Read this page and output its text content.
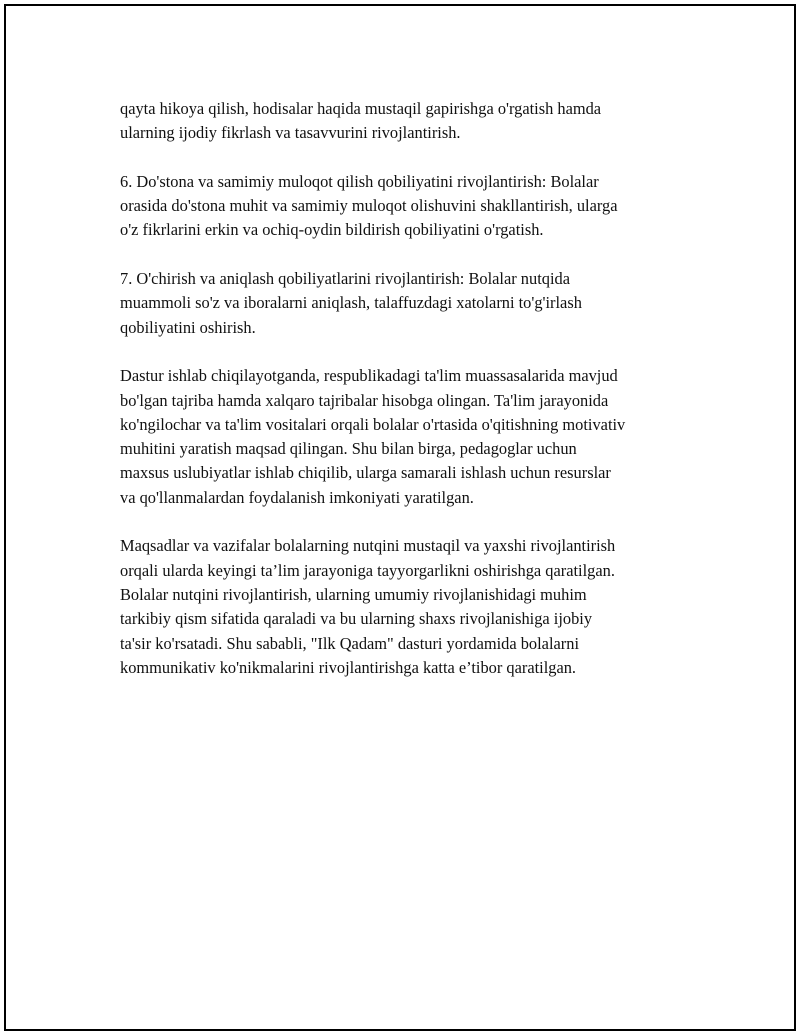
qayta hikoya qilish, hodisalar haqida mustaqil gapirishga o'rgatish hamda
ularning ijodiy fikrlash va tasavvurini rivojlantirish.

6. Do'stona va samimiy muloqot qilish qobiliyatini rivojlantirish: Bolalar
orasida do'stona muhit va samimiy muloqot olishuvini shakllantirish, ularga
o'z fikrlarini erkin va ochiq-oydin bildirish qobiliyatini o'rgatish.

7. O'chirish va aniqlash qobiliyatlarini rivojlantirish: Bolalar nutqida
muammoli so'z va iboralarni aniqlash, talaffuzdagi xatolarni to'g'irlash
qobiliyatini oshirish.

Dastur ishlab chiqilayotganda, respublikadagi ta'lim muassasalarida mavjud
bo'lgan tajriba hamda xalqaro tajribalar hisobga olingan. Ta'lim jarayonida
ko'ngilochar va ta'lim vositalari orqali bolalar o'rtasida o'qitishning motivativ
muhitini yaratish maqsad qilingan. Shu bilan birga, pedagoglar uchun
maxsus uslubiyatlar ishlab chiqilib, ularga samarali ishlash uchun resurslar
va qo'llanmalardan foydalanish imkoniyati yaratilgan.

Maqsadlar va vazifalar bolalarning nutqini mustaqil va yaxshi rivojlantirish
orqali ularda keyingi ta’lim jarayoniga tayyorgarlikni oshirishga qaratilgan.
Bolalar nutqini rivojlantirish, ularning umumiy rivojlanishidagi muhim
tarkibiy qism sifatida qaraladi va bu ularning shaxs rivojlanishiga ijobiy
ta'sir ko'rsatadi. Shu sababli, "Ilk Qadam" dasturi yordamida bolalarni
kommunikativ ko'nikmalarini rivojlantirishga katta e’tibor qaratilgan.
